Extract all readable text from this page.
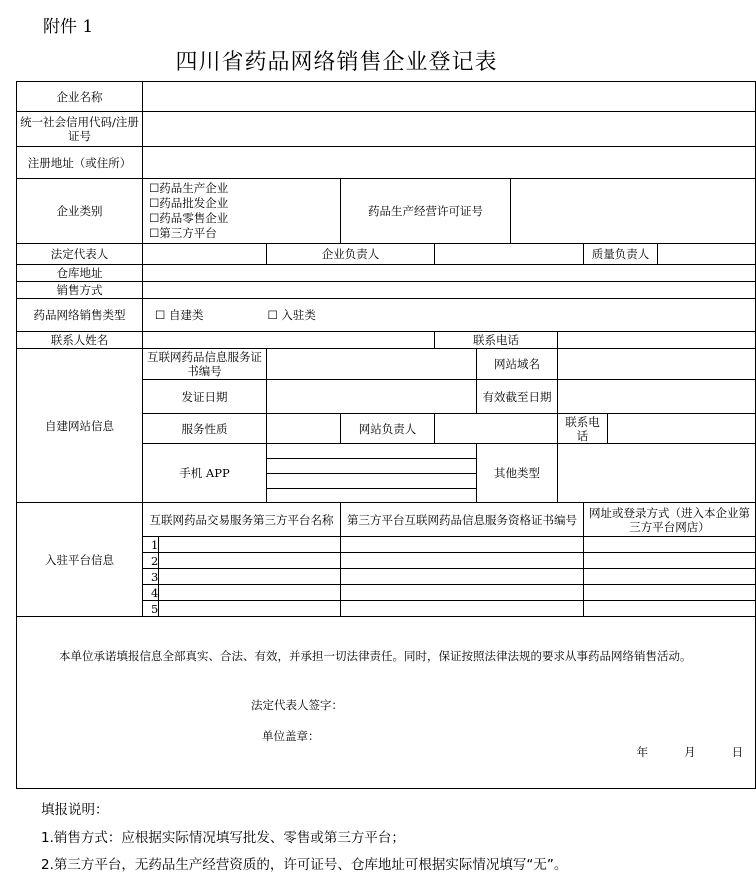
附件 1
四川省药品网络销售企业登记表
企业名称											
统一社会信用代码/注册证号											
注册地址（或住所）											
企业类别	☐药品生产企业
☐药品批发企业
☐药品零售企业
☐第三方平台			药品生产经营许可证号							
法定代表人			企业负责人						质量负责人		
仓库地址											
销售方式											
药品网络销售类型	☐ 自建类 ☐ 入驻类										
联系人姓名					联系电话						
自建网站信息	互联网药品信息服务证书编号					网站域名					
	发证日期					有效截至日期					
	服务性质			网站负责人				联系电话			
	手机 APP					其他类型					
入驻平台信息	互联网药品交易服务第三方平台名称			第三方平台互联网药品信息服务资格证书编号					网址或登录方式（进入本企业第三方平台网店）		
	1										
	2										
	3										
	4										
	5										

本单位承诺填报信息全部真实、合法、有效，并承担一切法律责任。同时，保证按照法律法规的要求从事药品网络销售活动。
法定代表人签字：
单位盖章：
年 月 日											
填报说明：
1.销售方式：应根据实际情况填写批发、零售或第三方平台；
2.第三方平台，无药品生产经营资质的，许可证号、仓库地址可根据实际情况填写“无”。
